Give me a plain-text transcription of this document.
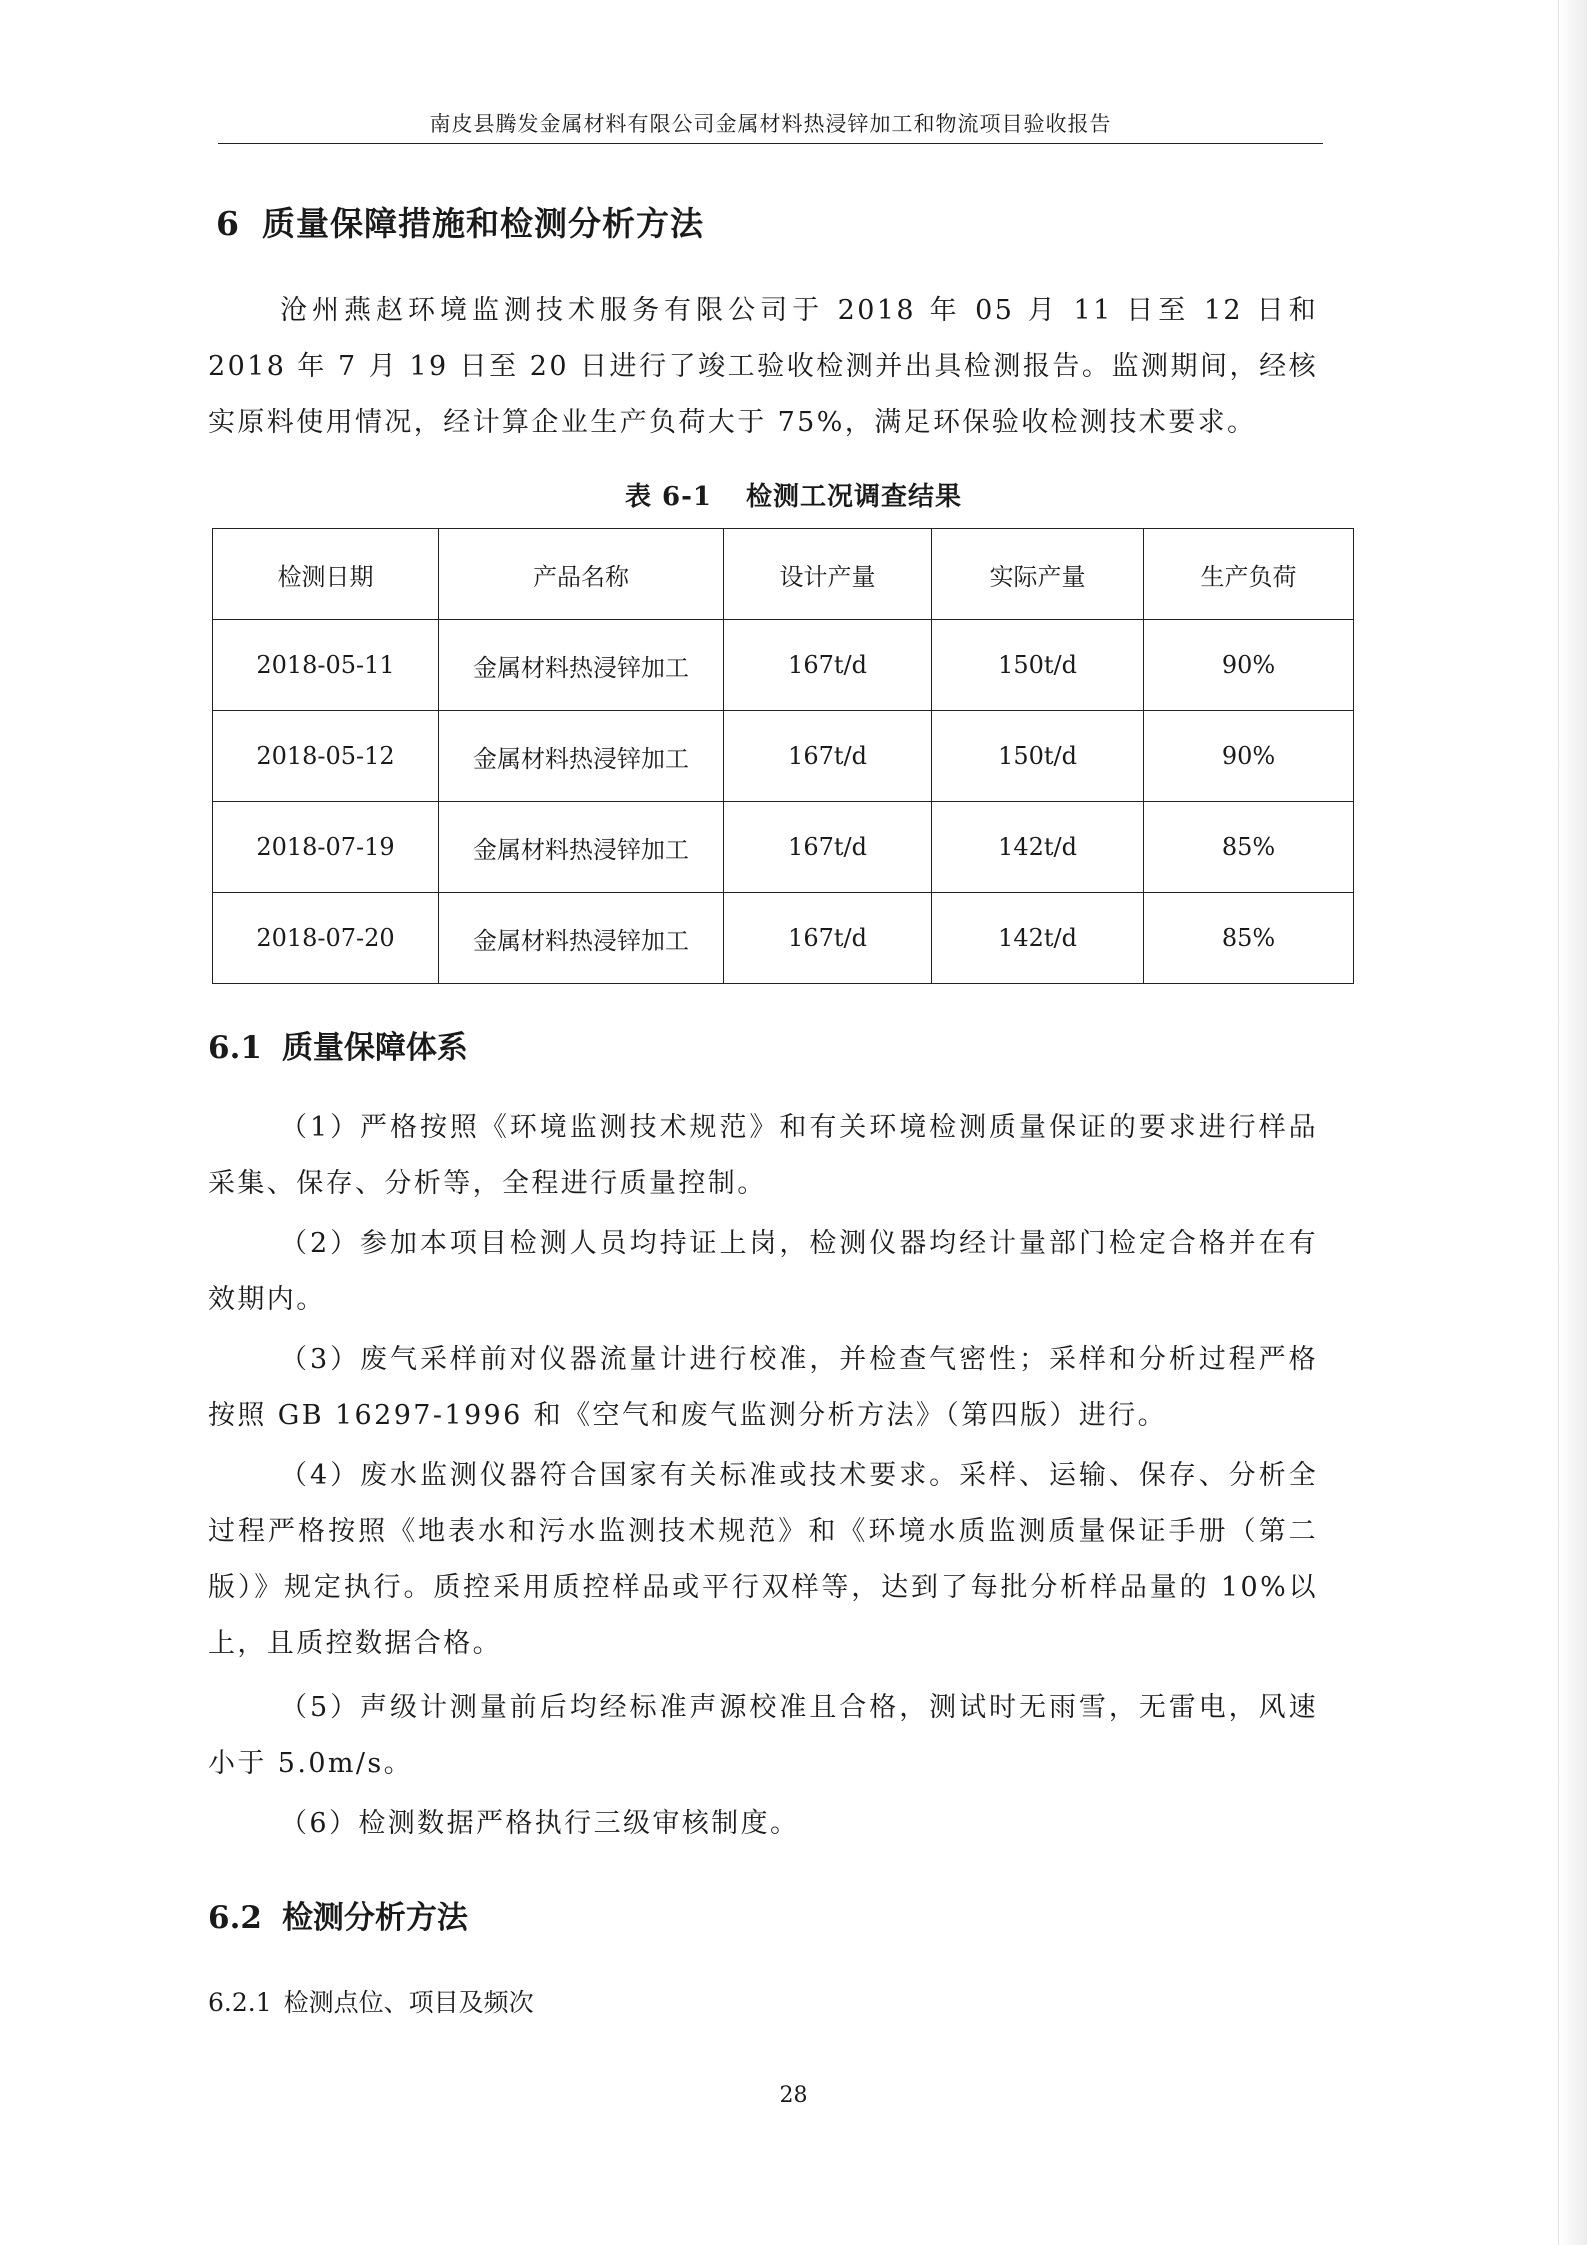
南皮县腾发金属材料有限公司金属材料热浸锌加工和物流项目验收报告
6 质量保障措施和检测分析方法

沧州燕赵环境监测技术服务有限公司于 2018 年 05 月 11 日至 12 日和 2018 年 7 月 19 日至 20 日进行了竣工验收检测并出具检测报告。监测期间，经核实原料使用情况，经计算企业生产负荷大于 75%，满足环保验收检测技术要求。

表 6-1 检测工况调查结果
检测日期	产品名称	设计产量	实际产量	生产负荷
2018-05-11	金属材料热浸锌加工	167t/d	150t/d	90%
2018-05-12	金属材料热浸锌加工	167t/d	150t/d	90%
2018-07-19	金属材料热浸锌加工	167t/d	142t/d	85%
2018-07-20	金属材料热浸锌加工	167t/d	142t/d	85%
6.1 质量保障体系

（1）严格按照《环境监测技术规范》和有关环境检测质量保证的要求进行样品采集、保存、分析等，全程进行质量控制。

（2）参加本项目检测人员均持证上岗，检测仪器均经计量部门检定合格并在有效期内。

（3）废气采样前对仪器流量计进行校准，并检查气密性；采样和分析过程严格按照 GB 16297-1996 和《空气和废气监测分析方法》（第四版）进行。

（4）废水监测仪器符合国家有关标准或技术要求。采样、运输、保存、分析全过程严格按照《地表水和污水监测技术规范》和《环境水质监测质量保证手册（第二版）》规定执行。质控采用质控样品或平行双样等，达到了每批分析样品量的 10%以上，且质控数据合格。

（5）声级计测量前后均经标准声源校准且合格，测试时无雨雪，无雷电，风速小于 5.0m/s。

（6）检测数据严格执行三级审核制度。

6.2 检测分析方法
6.2.1 检测点位、项目及频次
28
